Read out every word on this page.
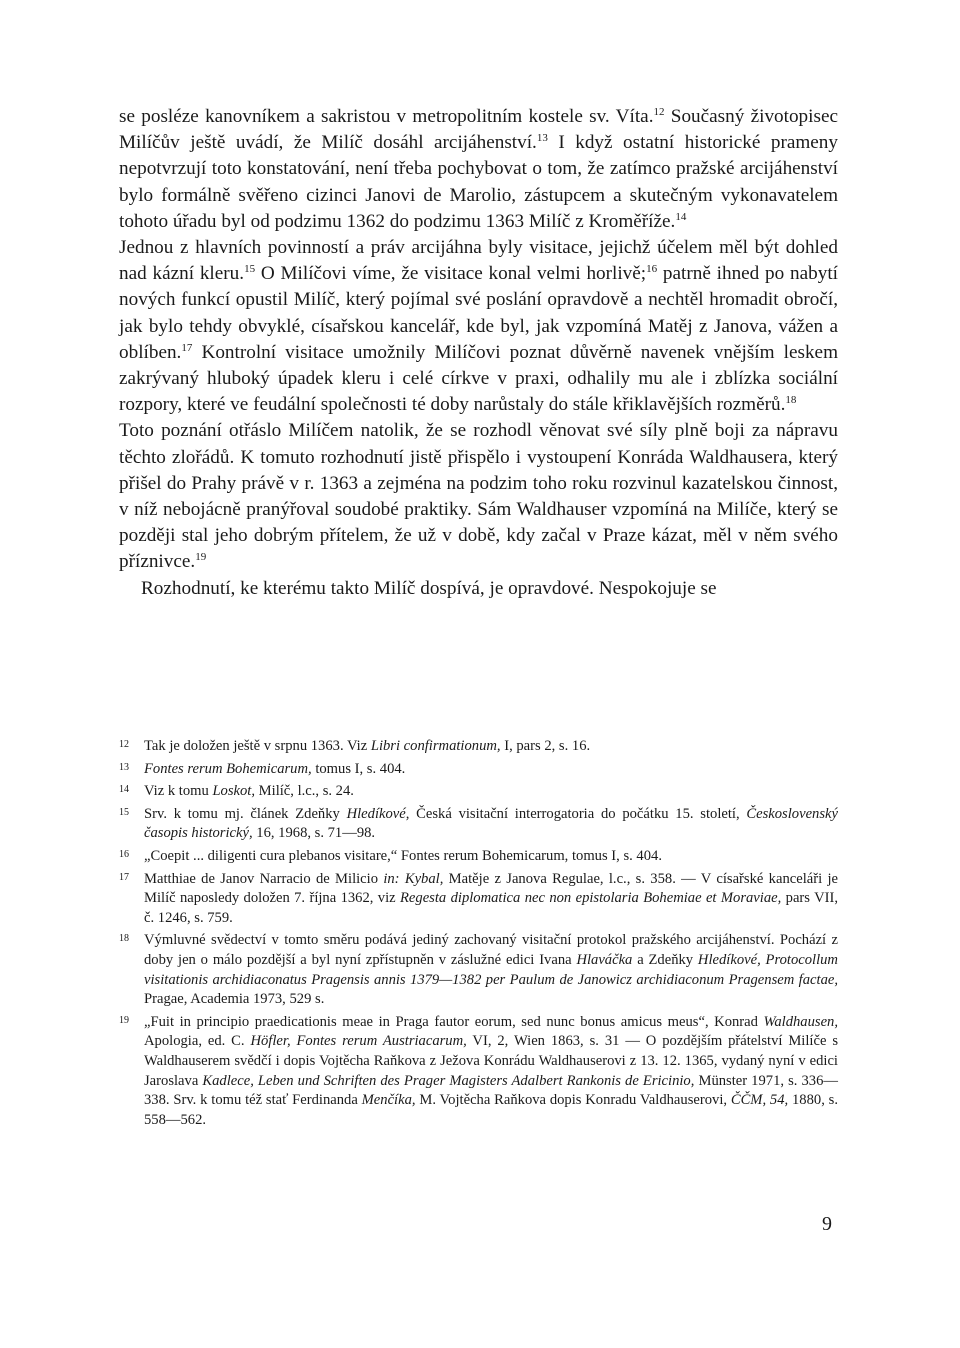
se posléze kanovníkem a sakristou v metropolitním kostele sv. Víta.$^{12}$ Současný životopisec Milíčův ještě uvádí, že Milíč dosáhl arcijáhenství.$^{13}$ I když ostatní historické prameny nepotvrzují toto konstatování, není třeba pochybovat o tom, že zatímco pražské arcijáhenství bylo formálně svěřeno cizinci Janovi de Marolio, zástupcem a skutečným vykonavatelem tohoto úřadu byl od podzimu 1362 do podzimu 1363 Milíč z Kroměříže.$^{14}$

Jednou z hlavních povinností a práv arcijáhna byly visitace, jejichž účelem měl být dohled nad kázní kleru.$^{15}$ O Milíčovi víme, že visitace konal velmi horlivě;$^{16}$ patrně ihned po nabytí nových funkcí opustil Milíč, který pojímal své poslání opravdově a nechtěl hromadit obročí, jak bylo tehdy obvyklé, císařskou kancelář, kde byl, jak vzpomíná Matěj z Janova, vážen a oblíben.$^{17}$ Kontrolní visitace umožnily Milíčovi poznat důvěrně navenek vnějším leskem zakrývaný hluboký úpadek kleru i celé církve v praxi, odhalily mu ale i zblízka sociální rozpory, které ve feudální společnosti té doby narůstaly do stále křiklavějších rozměrů.$^{18}$

Toto poznání otřáslo Milíčem natolik, že se rozhodl věnovat své síly plně boji za nápravu těchto zlořádů. K tomuto rozhodnutí jistě přispělo i vystoupení Konráda Waldhausera, který přišel do Prahy právě v r. 1363 a zejména na podzim toho roku rozvinul kazatelskou činnost, v níž nebojácně pranýřoval soudobé praktiky. Sám Waldhauser vzpomíná na Milíče, který se později stal jeho dobrým přítelem, že už v době, kdy začal v Praze kázat, měl v něm svého příznivce.$^{19}$

Rozhodnutí, ke kterému takto Milíč dospívá, je opravdové. Nespokojuje se

12	Tak je doložen ještě v srpnu 1363. Viz Libri confirmationum, I, pars 2, s. 16.
13	Fontes rerum Bohemicarum, tomus I, s. 404.
14	Viz k tomu Loskot, Milíč, l.c., s. 24.
15	Srv. k tomu mj. článek Zdeňky Hledíkové, Česká visitační interrogatoria do počátku 15. století, Československý časopis historický, 16, 1968, s. 71—98.
16	„Coepit ... diligenti cura plebanos visitare,“ Fontes rerum Bohemicarum, tomus I, s. 404.
17	Matthiae de Janov Narracio de Milicio in: Kybal, Matěje z Janova Regulae, l.c., s. 358. — V císařské kanceláři je Milíč naposledy doložen 7. října 1362, viz Regesta diplomatica nec non epistolaria Bohemiae et Moraviae, pars VII, č. 1246, s. 759.
18	Výmluvné svědectví v tomto směru podává jediný zachovaný visitační protokol pražského arcijáhenství. Pochází z doby jen o málo pozdější a byl nyní zpřístupněn v záslužné edici Ivana Hlaváčka a Zdeňky Hledíkové, Protocollum visitationis archidiaconatus Pragensis annis 1379—1382 per Paulum de Janowicz archidiaconum Pragensem factae, Pragae, Academia 1973, 529 s.
19	„Fuit in principio praedicationis meae in Praga fautor eorum, sed nunc bonus amicus meus“, Konrad Waldhausen, Apologia, ed. C. Höfler, Fontes rerum Austriacarum, VI, 2, Wien 1863, s. 31 — O pozdějším přátelství Milíče s Waldhauserem svědčí i dopis Vojtěcha Raňkova z Ježova Konrádu Waldhauserovi z 13. 12. 1365, vydaný nyní v edici Jaroslava Kadlece, Leben und Schriften des Prager Magisters Adalbert Rankonis de Ericinio, Münster 1971, s. 336—338. Srv. k tomu též stať Ferdinanda Menčíka, M. Vojtěcha Raňkova dopis Konradu Valdhauserovi, ČČM, 54, 1880, s. 558—562.
9
